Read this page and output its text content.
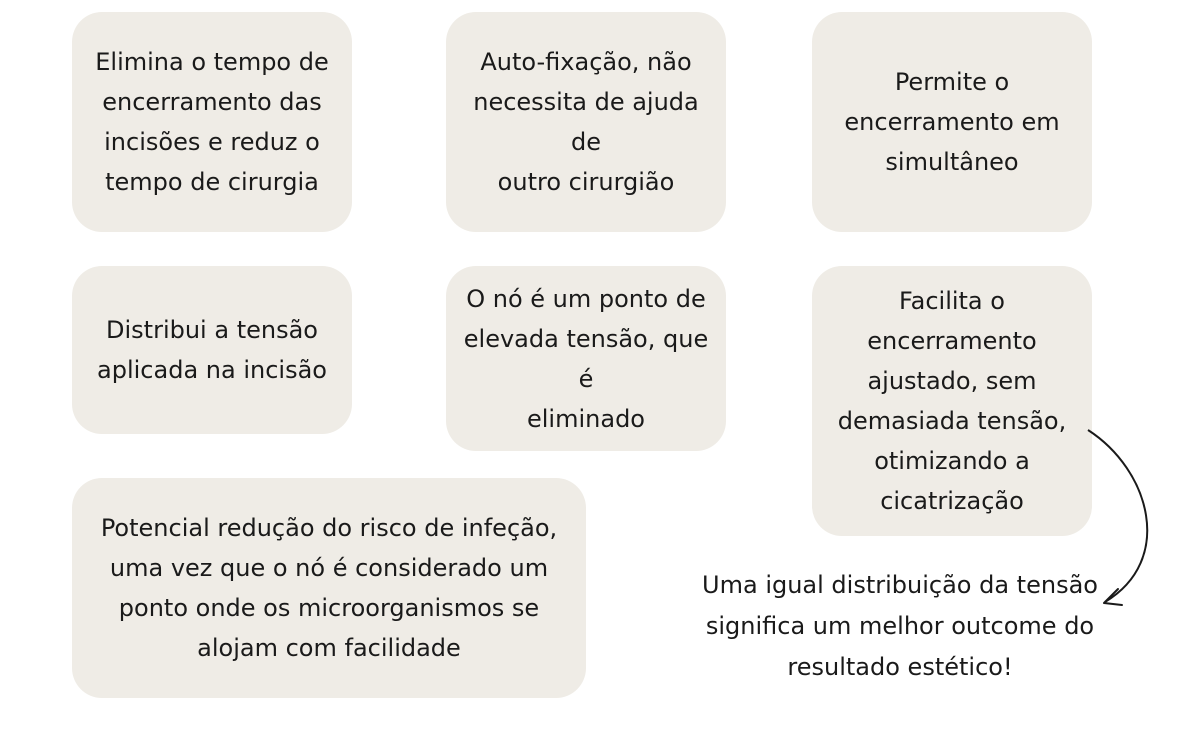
Elimina o tempo de
encerramento das
incisões e reduz o
tempo de cirurgia
Auto-fixação, não
necessita de ajuda de
outro cirurgião
Permite o
encerramento em
simultâneo
Distribui a tensão
aplicada na incisão
O nó é um ponto de
elevada tensão, que é
eliminado
Facilita o
encerramento
ajustado, sem
demasiada tensão,
otimizando a
cicatrização
Potencial redução do risco de infeção,
uma vez que o nó é considerado um
ponto onde os microorganismos se
alojam com facilidade
Uma igual distribuição da tensão
significa um melhor outcome do
resultado estético!
